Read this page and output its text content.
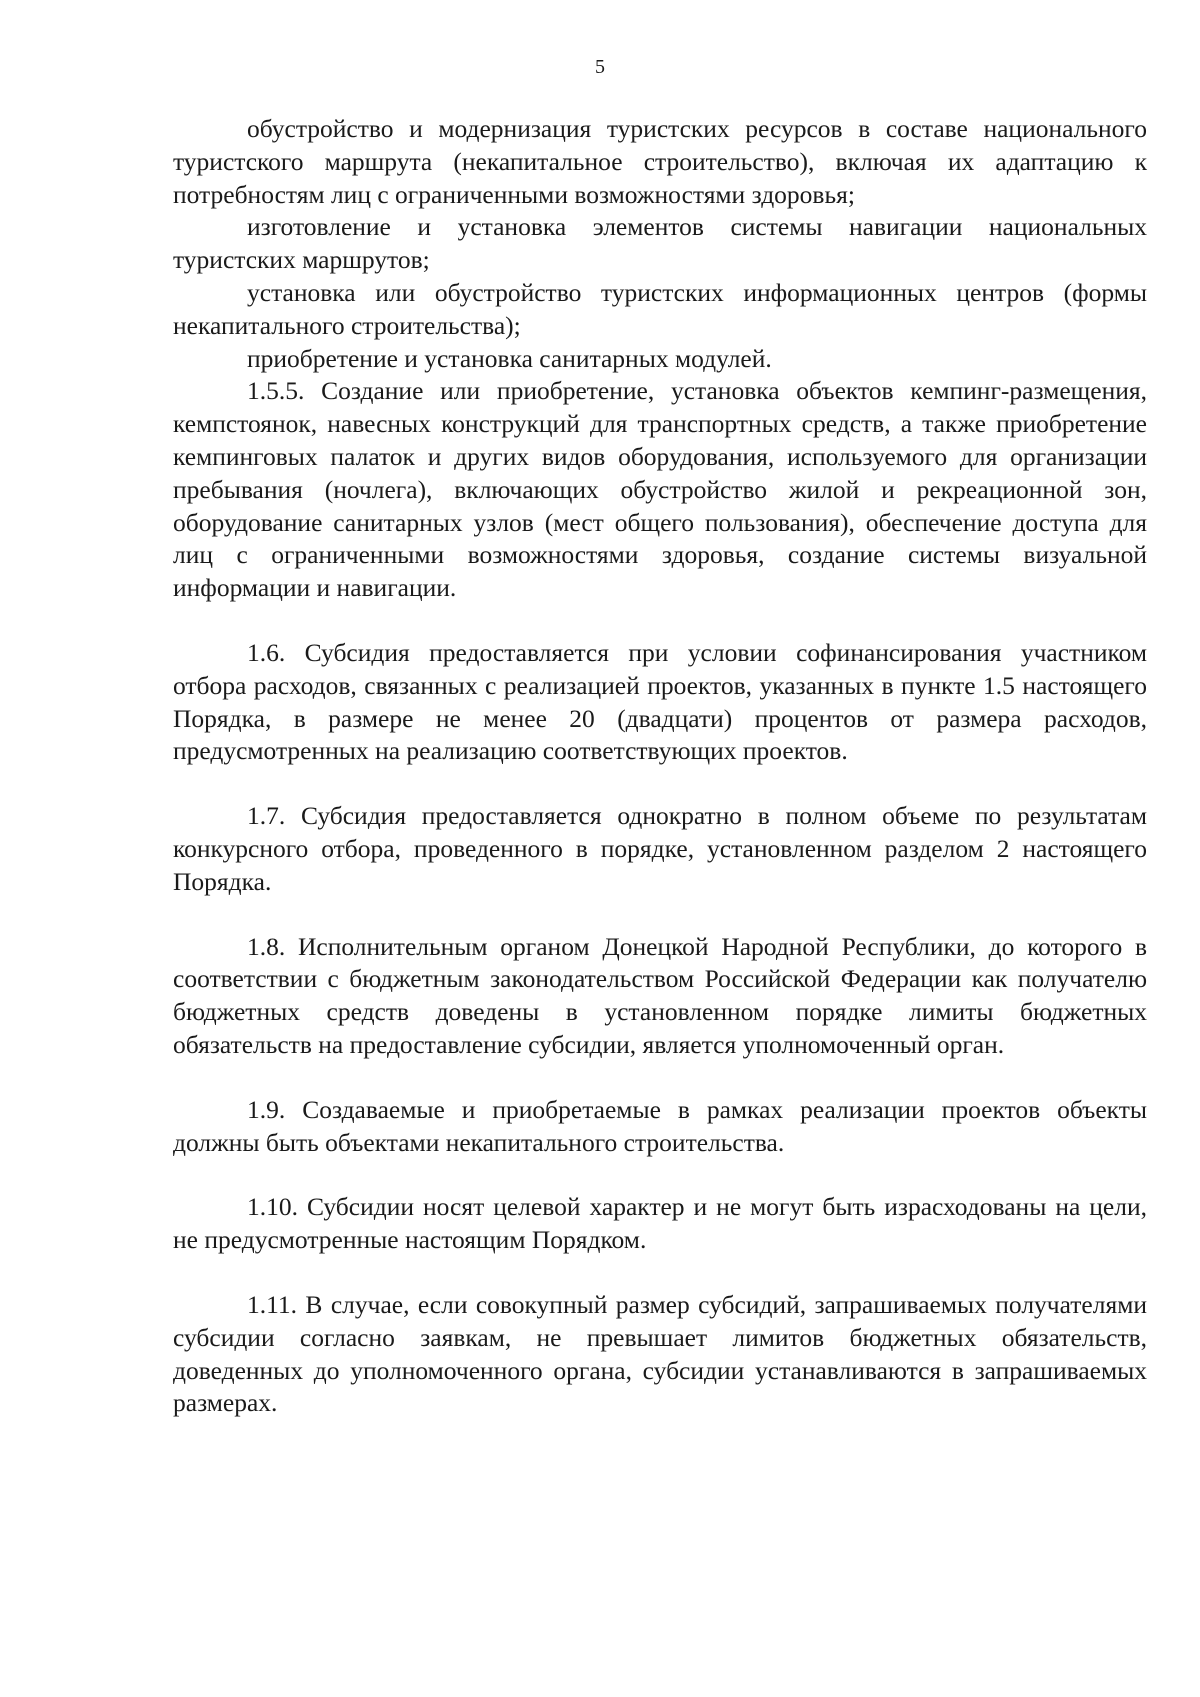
5

обустройство и модернизация туристских ресурсов в составе национального туристского маршрута (некапитальное строительство), включая их адаптацию к потребностям лиц с ограниченными возможностями здоровья;

изготовление и установка элементов системы навигации национальных туристских маршрутов;

установка или обустройство туристских информационных центров (формы некапитального строительства);

приобретение и установка санитарных модулей.

1.5.5. Создание или приобретение, установка объектов кемпинг-размещения, кемпстоянок, навесных конструкций для транспортных средств, а также приобретение кемпинговых палаток и других видов оборудования, используемого для организации пребывания (ночлега), включающих обустройство жилой и рекреационной зон, оборудование санитарных узлов (мест общего пользования), обеспечение доступа для лиц с ограниченными возможностями здоровья, создание системы визуальной информации и навигации.

1.6. Субсидия предоставляется при условии софинансирования участником отбора расходов, связанных с реализацией проектов, указанных в пункте 1.5 настоящего Порядка, в размере не менее 20 (двадцати) процентов от размера расходов, предусмотренных на реализацию соответствующих проектов.

1.7. Субсидия предоставляется однократно в полном объеме по результатам конкурсного отбора, проведенного в порядке, установленном разделом 2 настоящего Порядка.

1.8. Исполнительным органом Донецкой Народной Республики, до которого в соответствии с бюджетным законодательством Российской Федерации как получателю бюджетных средств доведены в установленном порядке лимиты бюджетных обязательств на предоставление субсидии, является уполномоченный орган.

1.9. Создаваемые и приобретаемые в рамках реализации проектов объекты должны быть объектами некапитального строительства.

1.10. Субсидии носят целевой характер и не могут быть израсходованы на цели, не предусмотренные настоящим Порядком.

1.11. В случае, если совокупный размер субсидий, запрашиваемых получателями субсидии согласно заявкам, не превышает лимитов бюджетных обязательств, доведенных до уполномоченного органа, субсидии устанавливаются в запрашиваемых размерах.
